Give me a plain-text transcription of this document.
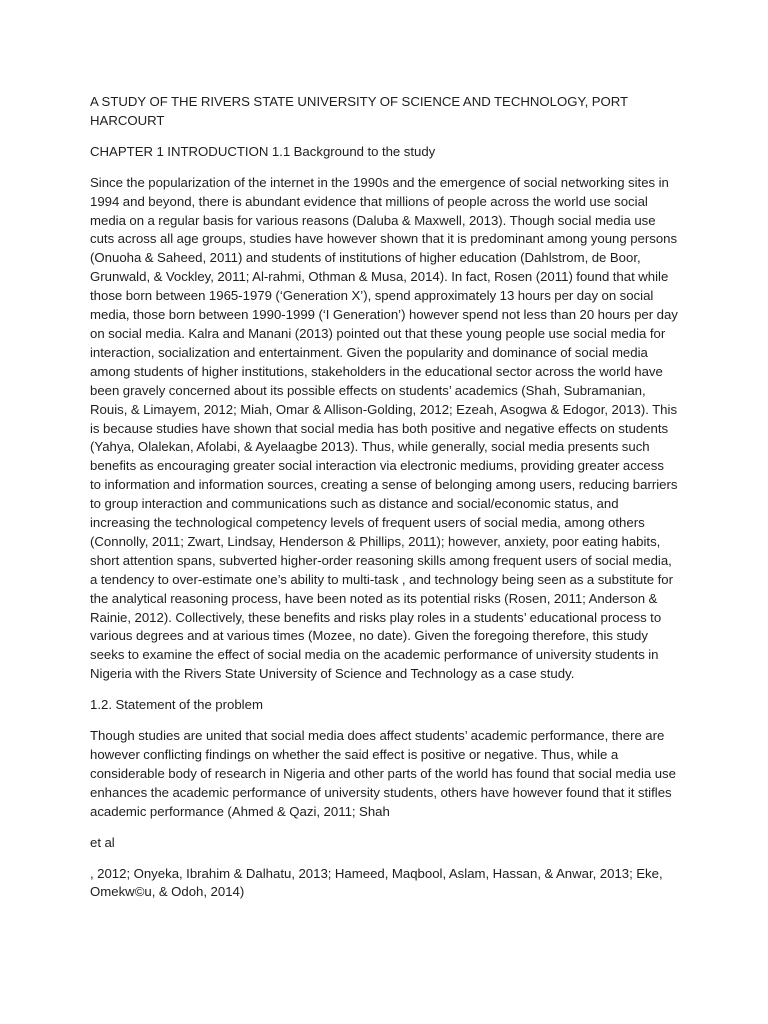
A STUDY OF THE RIVERS STATE UNIVERSITY OF SCIENCE AND TECHNOLOGY, PORT HARCOURT

CHAPTER 1 INTRODUCTION 1.1 Background to the study

Since the popularization of the internet in the 1990s and the emergence of social networking sites in 1994 and beyond, there is abundant evidence that millions of people across the world use social media on a regular basis for various reasons (Daluba & Maxwell, 2013). Though social media use cuts across all age groups, studies have however shown that it is predominant among young persons (Onuoha & Saheed, 2011) and students of institutions of higher education (Dahlstrom, de Boor, Grunwald, & Vockley, 2011; Al-rahmi, Othman & Musa, 2014). In fact, Rosen (2011) found that while those born between 1965-1979 (‘Generation X’), spend approximately 13 hours per day on social media, those born between 1990-1999 (‘I Generation’) however spend not less than 20 hours per day on social media. Kalra and Manani (2013) pointed out that these young people use social media for interaction, socialization and entertainment. Given the popularity and dominance of social media among students of higher institutions, stakeholders in the educational sector across the world have been gravely concerned about its possible effects on students’ academics (Shah, Subramanian, Rouis, & Limayem, 2012; Miah, Omar & Allison-Golding, 2012; Ezeah, Asogwa & Edogor, 2013). This is because studies have shown that social media has both positive and negative effects on students (Yahya, Olalekan, Afolabi, & Ayelaagbe 2013). Thus, while generally, social media presents such benefits as encouraging greater social interaction via electronic mediums, providing greater access to information and information sources, creating a sense of belonging among users, reducing barriers to group interaction and communications such as distance and social/economic status, and increasing the technological competency levels of frequent users of social media, among others (Connolly, 2011; Zwart, Lindsay, Henderson & Phillips, 2011); however, anxiety, poor eating habits, short attention spans, subverted higher-order reasoning skills among frequent users of social media, a tendency to over-estimate one’s ability to multi-task , and technology being seen as a substitute for the analytical reasoning process, have been noted as its potential risks (Rosen, 2011; Anderson & Rainie, 2012). Collectively, these benefits and risks play roles in a students’ educational process to various degrees and at various times (Mozee, no date). Given the foregoing therefore, this study seeks to examine the effect of social media on the academic performance of university students in Nigeria with the Rivers State University of Science and Technology as a case study.

1.2. Statement of the problem

Though studies are united that social media does affect students’ academic performance, there are however conflicting findings on whether the said effect is positive or negative. Thus, while a considerable body of research in Nigeria and other parts of the world has found that social media use enhances the academic performance of university students, others have however found that it stifles academic performance (Ahmed & Qazi, 2011; Shah

et al

, 2012; Onyeka, Ibrahim & Dalhatu, 2013; Hameed, Maqbool, Aslam, Hassan, & Anwar, 2013; Eke, Omekw©u, & Odoh, 2014)
